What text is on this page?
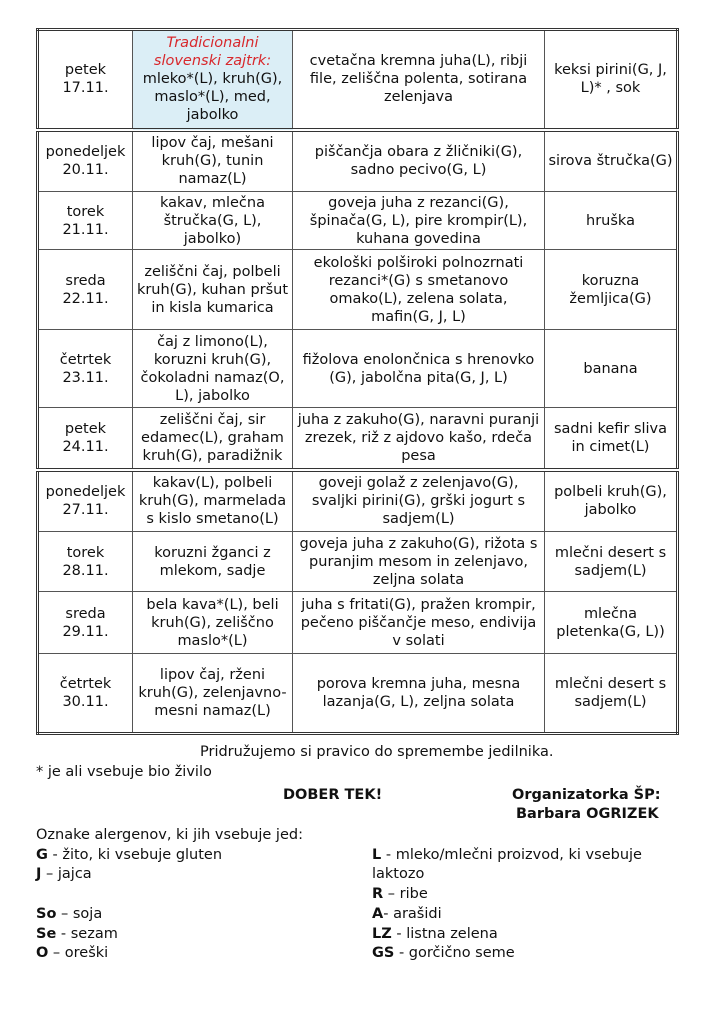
petek
17.11.	Tradicionalni slovenski zajtrk:
mleko*(L), kruh(G), maslo*(L), med, jabolko	cvetačna kremna juha(L), ribji file, zeliščna polenta, sotirana zelenjava	keksi pirini(G, J, L)* , sok
ponedeljek
20.11.	lipov čaj, mešani kruh(G), tunin namaz(L)	piščančja obara z žličniki(G), sadno pecivo(G, L)	sirova štručka(G)
torek
21.11.	kakav, mlečna štručka(G, L), jabolko)	goveja juha z rezanci(G), špinača(G, L), pire krompir(L), kuhana govedina	hruška
sreda
22.11.	zeliščni čaj, polbeli kruh(G), kuhan pršut in kisla kumarica	ekološki polširoki polnozrnati rezanci*(G) s smetanovo omako(L), zelena solata, mafin(G, J, L)	koruzna žemljica(G)
četrtek
23.11.	čaj z limono(L), koruzni kruh(G), čokoladni namaz(O, L), jabolko	fižolova enolončnica s hrenovko (G), jabolčna pita(G, J, L)	banana
petek
24.11.	zeliščni čaj, sir edamec(L), graham kruh(G), paradižnik	juha z zakuho(G), naravni puranji zrezek, riž z ajdovo kašo, rdeča pesa	sadni kefir sliva in cimet(L)
ponedeljek
27.11.	kakav(L), polbeli kruh(G), marmelada s kislo smetano(L)	goveji golaž z zelenjavo(G), svaljki pirini(G), grški jogurt s sadjem(L)	polbeli kruh(G), jabolko
torek
28.11.	koruzni žganci z mlekom, sadje	goveja juha z zakuho(G), rižota s puranjim mesom in zelenjavo, zeljna solata	mlečni desert s sadjem(L)
sreda
29.11.	bela kava*(L), beli kruh(G), zeliščno maslo*(L)	juha s fritati(G), pražen krompir, pečeno piščančje meso, endivija v solati	mlečna pletenka(G, L))
četrtek
30.11.	lipov čaj, rženi kruh(G), zelenjavno-mesni namaz(L)	porova kremna juha, mesna lazanja(G, L), zeljna solata	mlečni desert s sadjem(L)
Pridružujemo si pravico do spremembe jedilnika.
* je ali vsebuje bio živilo
DOBER TEK!	Organizatorka ŠP:
Barbara OGRIZEK
Oznake alergenov, ki jih vsebuje jed:
G - žito, ki vsebuje gluten
J – jajca
So – soja
Se - sezam
O – oreški
L - mleko/mlečni proizvod, ki vsebuje
laktozo
R – ribe
A- arašidi
LZ - listna zelena
GS - gorčično seme
